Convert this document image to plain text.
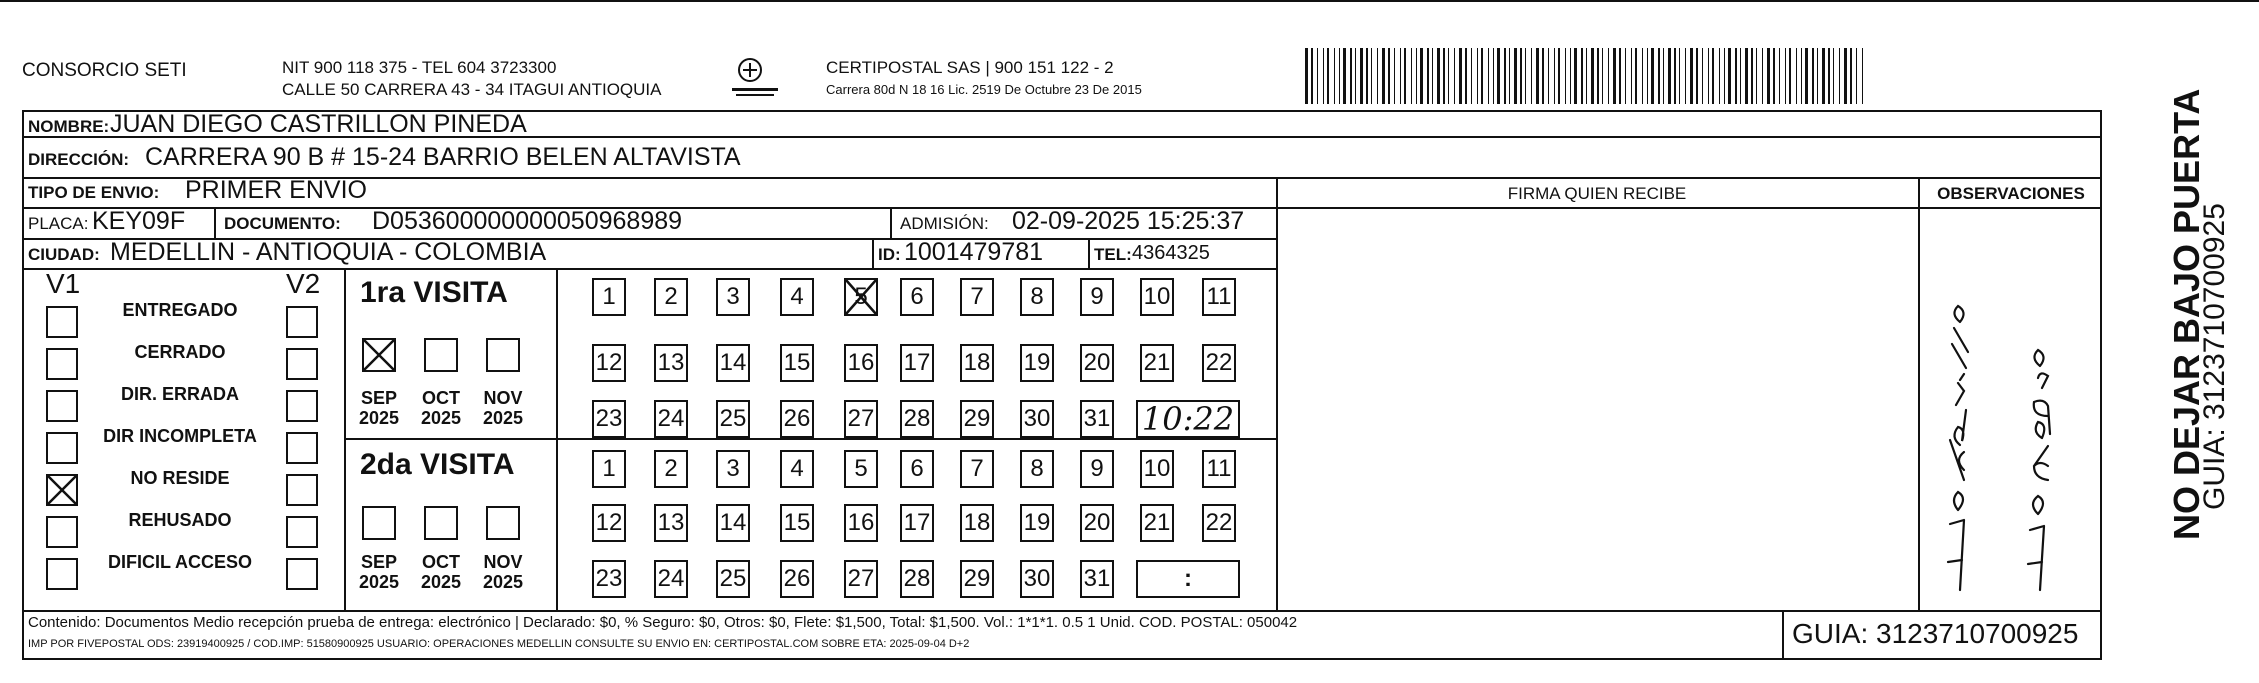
CONSORCIO SETI	NIT 900 118 375 - TEL 604 3723300
CALLE 50 CARRERA 43 - 34 ITAGUI ANTIOQUIA
CERTIPOSTAL SAS | 900 151 122 - 2
Carrera 80d N 18 16 Lic. 2519 De Octubre 23 De 2015
NOMBRE: JUAN DIEGO CASTRILLON PINEDA
DIRECCIÓN: CARRERA 90 B # 15-24 BARRIO BELEN ALTAVISTA
TIPO DE ENVIO: PRIMER ENVIO	FIRMA QUIEN RECIBE	OBSERVACIONES
PLACA: KEY09F DOCUMENTO: D053600000000050968989	ADMISIÓN: 02-09-2025 15:25:37
CIUDAD: MEDELLIN - ANTIOQUIA - COLOMBIA	ID: 1001479781	TEL: 4364325
V1	V2 1ra VISITA
2da VISITA
10:22
:
Contenido: Documentos Medio recepción prueba de entrega: electrónico | Declarado: $0, % Seguro: $0, Otros: $0, Flete: $1,500, Total: $1,500. Vol.: 1*1*1. 0.5 1 Unid. COD. POSTAL: 050042
IMP POR FIVEPOSTAL ODS: 23919400925 / COD.IMP: 51580900925 USUARIO: OPERACIONES MEDELLIN CONSULTE SU ENVIO EN: CERTIPOSTAL.COM SOBRE ETA: 2025-09-04 D+2	GUIA: 3123710700925
NO DEJAR BAJO PUERTA
GUIA: 3123710700925
ENTREGADO
CERRADO
DIR. ERRADA
DIR INCOMPLETA
NO RESIDE
REHUSADO
DIFICIL ACCESO
SEP
2025
OCT
2025
NOV
2025
SEP
2025
OCT
2025
NOV
2025
1	2	3	4	5	6	7	8	9	10 11
12 13 14 15 16 17 18 19 20 21 22
23 24 25 26 27 28 29 30 31
1	2	3	4	5	6	7	8	9	10 11
12 13 14 15 16 17 18 19 20 21 22
23 24 25 26 27 28 29 30 31
